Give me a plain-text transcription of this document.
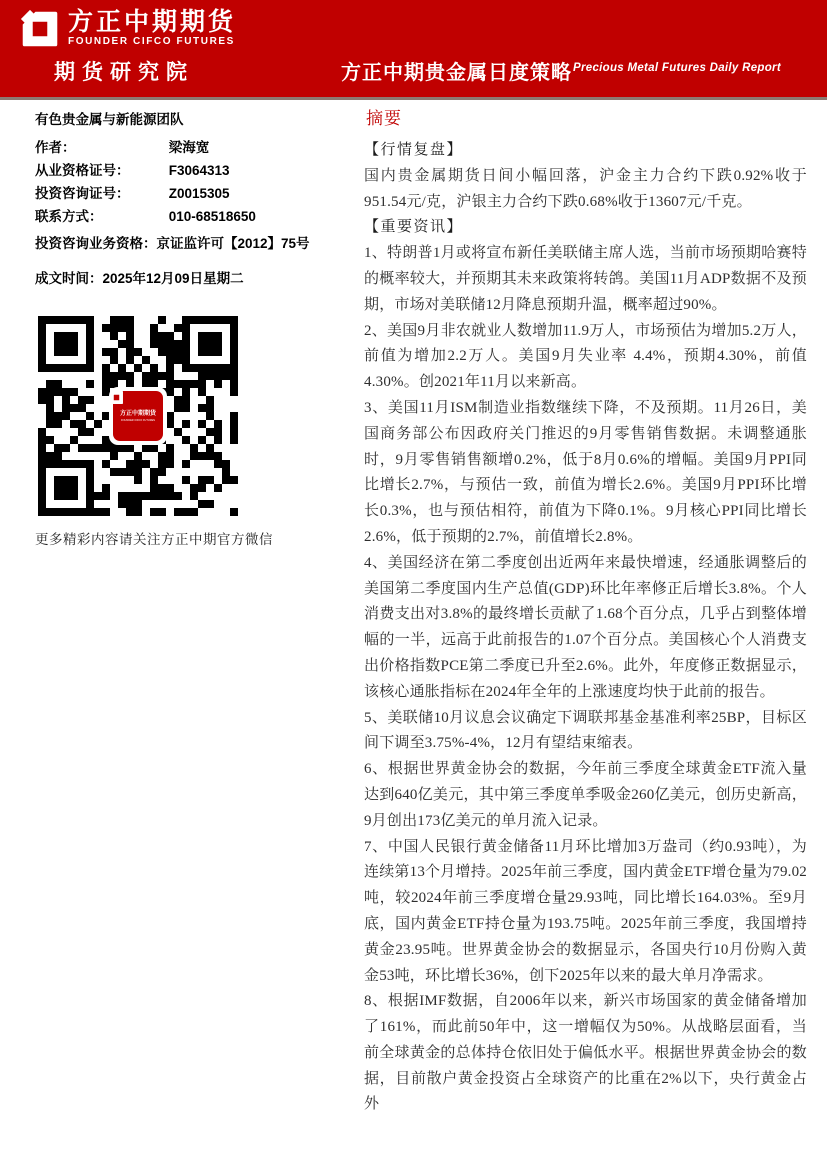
方正中期期货
FOUNDER CIFCO FUTURES
期货研究院	方正中期贵金属日度策略 Precious Metal Futures Daily Report
有色贵金属与新能源团队
作者：	梁海宽
从业资格证号：	F3064313
投资咨询证号：	Z0015305
联系方式：	010-68518650
投资咨询业务资格：京证监许可【2012】75号
成文时间：2025年12月09日星期二
方正中期期货
FOUNDER CIFCO FUTURES
更多精彩内容请关注方正中期官方微信
摘要
【行情复盘】

国内贵金属期货日间小幅回落，沪金主力合约下跌0.92%收于951.54元/克，沪银主力合约下跌0.68%收于13607元/千克。

【重要资讯】

1、特朗普1月或将宣布新任美联储主席人选，当前市场预期哈赛特的概率较大，并预期其未来政策将转鸽。美国11月ADP数据不及预期，市场对美联储12月降息预期升温，概率超过90%。

2、美国9月非农就业人数增加11.9万人，市场预估为增加5.2万人，前值为增加2.2万人。美国9月失业率 4.4%，预期4.30%，前值4.30%。创2021年11月以来新高。

3、美国11月ISM制造业指数继续下降，不及预期。11月26日，美国商务部公布因政府关门推迟的9月零售销售数据。未调整通胀时，9月零售销售额增0.2%，低于8月0.6%的增幅。美国9月PPI同比增长2.7%，与预估一致，前值为增长2.6%。美国9月PPI环比增长0.3%，也与预估相符，前值为下降0.1%。9月核心PPI同比增长2.6%，低于预期的2.7%，前值增长2.8%。

4、美国经济在第二季度创出近两年来最快增速，经通胀调整后的美国第二季度国内生产总值(GDP)环比年率修正后增长3.8%。个人消费支出对3.8%的最终增长贡献了1.68个百分点，几乎占到整体增幅的一半，远高于此前报告的1.07个百分点。美国核心个人消费支出价格指数PCE第二季度已升至2.6%。此外，年度修正数据显示，该核心通胀指标在2024年全年的上涨速度均快于此前的报告。

5、美联储10月议息会议确定下调联邦基金基准利率25BP，目标区间下调至3.75%-4%，12月有望结束缩表。

6、根据世界黄金协会的数据，今年前三季度全球黄金ETF流入量达到640亿美元，其中第三季度单季吸金260亿美元，创历史新高，9月创出173亿美元的单月流入记录。

7、中国人民银行黄金储备11月环比增加3万盎司（约0.93吨），为连续第13个月增持。2025年前三季度，国内黄金ETF增仓量为79.02吨，较2024年前三季度增仓量29.93吨，同比增长164.03%。至9月底，国内黄金ETF持仓量为193.75吨。2025年前三季度，我国增持黄金23.95吨。世界黄金协会的数据显示，各国央行10月份购入黄金53吨，环比增长36%，创下2025年以来的最大单月净需求。

8、根据IMF数据，自2006年以来，新兴市场国家的黄金储备增加了161%，而此前50年中，这一增幅仅为50%。从战略层面看，当前全球黄金的总体持仓依旧处于偏低水平。根据世界黄金协会的数据，目前散户黄金投资占全球资产的比重在2%以下，央行黄金占外
